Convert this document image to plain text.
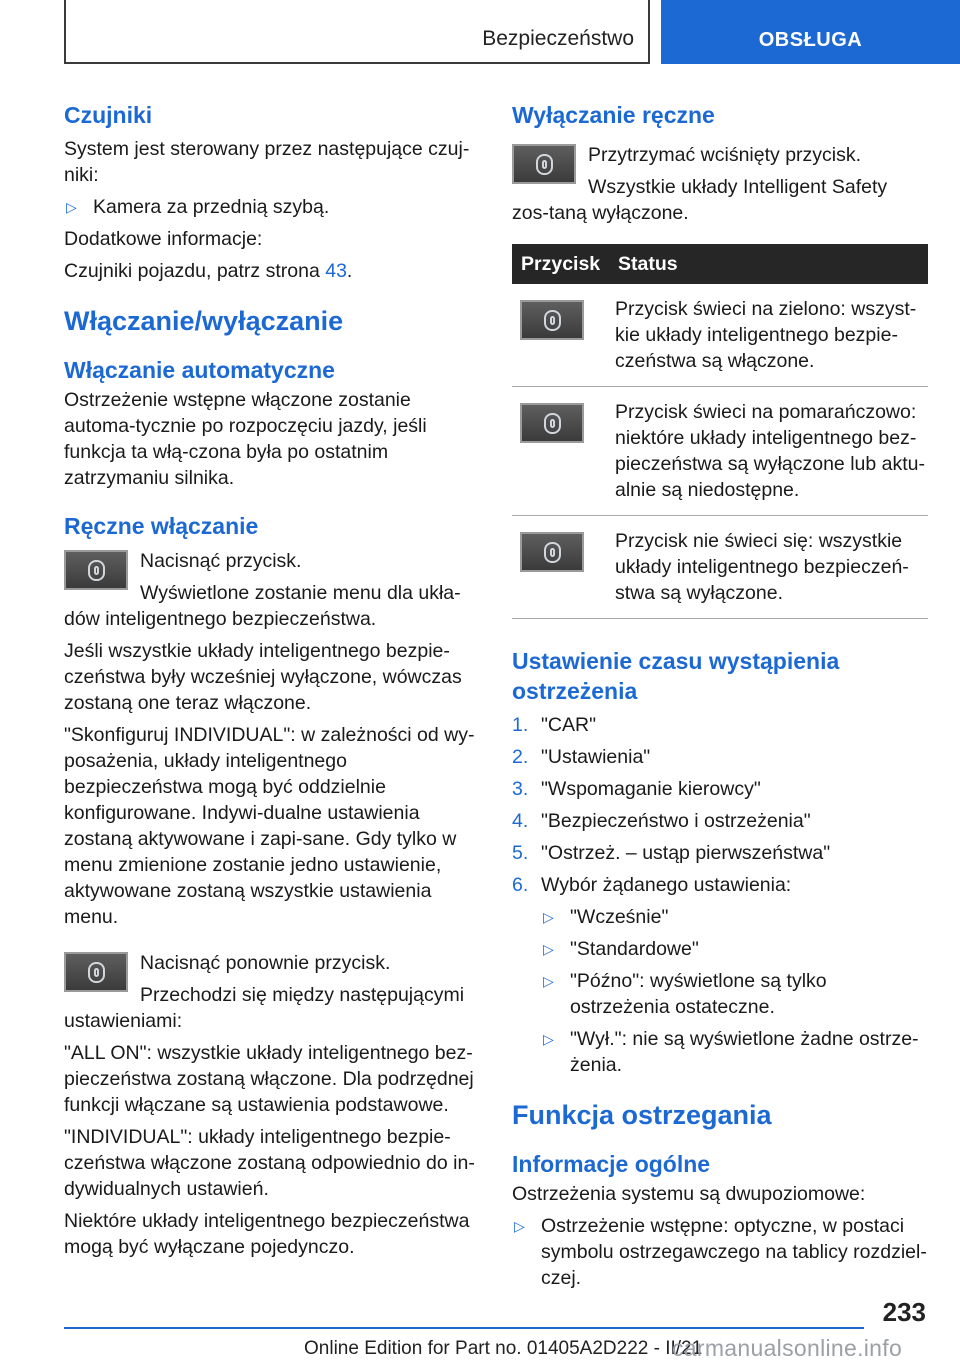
Bezpieczeństwo	OBSŁUGA
Czujniki

System jest sterowany przez następujące czuj-niki:

▷ Kamera za przednią szybą.

Dodatkowe informacje:

Czujniki pojazdu, patrz strona 43.

Włączanie/wyłączanie
Włączanie automatyczne

Ostrzeżenie wstępne włączone zostanie automa-tycznie po rozpoczęciu jazdy, jeśli funkcja ta włą-czona była po ostatnim zatrzymaniu silnika.

Ręczne włączanie

Nacisnąć przycisk.

Wyświetlone zostanie menu dla ukła-dów inteligentnego bezpieczeństwa.

Jeśli wszystkie układy inteligentnego bezpie-czeństwa były wcześniej wyłączone, wówczas zostaną one teraz włączone.

"Skonfiguruj INDIVIDUAL": w zależności od wy-posażenia, układy inteligentnego bezpieczeństwa mogą być oddzielnie konfigurowane. Indywi-dualne ustawienia zostaną aktywowane i zapi-sane. Gdy tylko w menu zmienione zostanie jedno ustawienie, aktywowane zostaną wszystkie ustawienia menu.

Nacisnąć ponownie przycisk.

Przechodzi się między następującymi ustawieniami:

"ALL ON": wszystkie układy inteligentnego bez-pieczeństwa zostaną włączone. Dla podrzędnej funkcji włączane są ustawienia podstawowe.

"INDIVIDUAL": układy inteligentnego bezpie-czeństwa włączone zostaną odpowiednio do in-dywidualnych ustawień.

Niektóre układy inteligentnego bezpieczeństwa mogą być wyłączane pojedynczo.

Wyłączanie ręczne

Przytrzymać wciśnięty przycisk.

Wszystkie układy Intelligent Safety zos-taną wyłączone.

Przycisk	Status

	Przycisk świeci na zielono: wszyst-kie układy inteligentnego bezpie-czeństwa są włączone.

	Przycisk świeci na pomarańczowo: niektóre układy inteligentnego bez-pieczeństwa są wyłączone lub aktu-alnie są niedostępne.

	Przycisk nie świeci się: wszystkie układy inteligentnego bezpieczeń-stwa są wyłączone.
Ustawienie czasu wystąpienia ostrzeżenia
1. "CAR"
2. "Ustawienia"
3. "Wspomaganie kierowcy"
4. "Bezpieczeństwo i ostrzeżenia"
5. "Ostrzeż. – ustąp pierwszeństwa"
6. Wybór żądanego ustawienia:
▷ "Wcześnie"
▷ "Standardowe"
▷ "Późno": wyświetlone są tylko ostrzeżenia ostateczne.
▷ "Wył.": nie są wyświetlone żadne ostrze-żenia.
Funkcja ostrzegania
Informacje ogólne

Ostrzeżenia systemu są dwupoziomowe:

▷ Ostrzeżenie wstępne: optyczne, w postaci symbolu ostrzegawczego na tablicy rozdziel-czej.
233
Online Edition for Part no. 01405A2D222 - II/21
carmanualsonline.info
